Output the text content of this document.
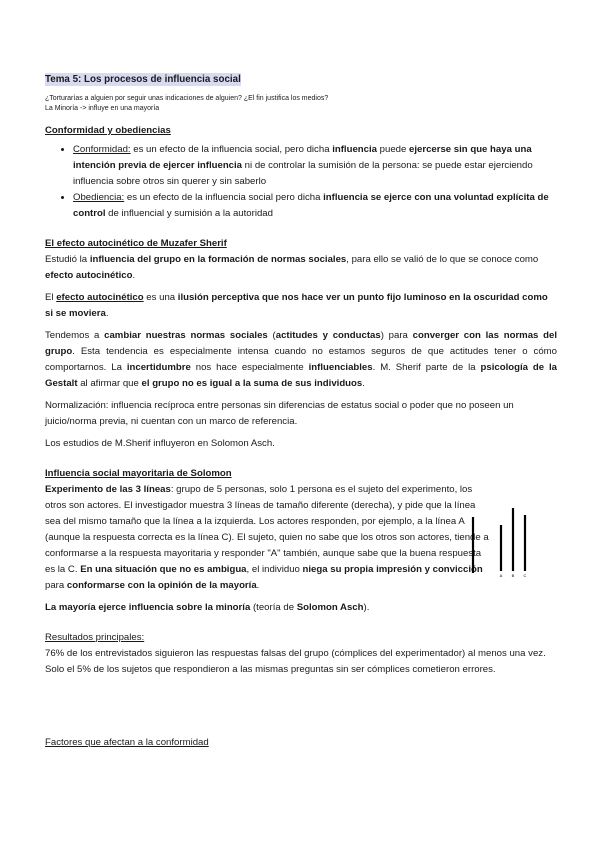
Tema 5: Los procesos de influencia social

¿Torturarías a alguien por seguir unas indicaciones de alguien? ¿El fin justifica los medios?

La Minoría -> influye en una mayoría

Conformidad y obediencias

• Conformidad: es un efecto de la influencia social, pero dicha influencia puede ejercerse sin que haya una intención previa de ejercer influencia ni de controlar la sumisión de la persona: se puede estar ejerciendo influencia sobre otros sin querer y sin saberlo
• Obediencia: es un efecto de la influencia social pero dicha influencia se ejerce con una voluntad explícita de control de influencial y sumisión a la autoridad

El efecto autocinético de Muzafer Sherif

Estudió la influencia del grupo en la formación de normas sociales, para ello se valió de lo que se conoce como efecto autocinético.

El efecto autocinético es una ilusión perceptiva que nos hace ver un punto fijo luminoso en la oscuridad como si se moviera.

Tendemos a cambiar nuestras normas sociales (actitudes y conductas) para converger con las normas del grupo. Esta tendencia es especialmente intensa cuando no estamos seguros de que actitudes tener o cómo comportarnos. La incertidumbre nos hace especialmente influenciables. M. Sherif parte de la psicología de la Gestalt al afirmar que el grupo no es igual a la suma de sus individuos.

Normalización: influencia recíproca entre personas sin diferencias de estatus social o poder que no poseen un juicio/norma previa, ni cuentan con un marco de referencia.

Los estudios de M.Sherif influyeron en Solomon Asch.

Influencia social mayoritaria de Solomon

Experimento de las 3 líneas: grupo de 5 personas, solo 1 persona es el sujeto del experimento, los otros son actores. El investigador muestra 3 líneas de tamaño diferente (derecha), y pide que la línea sea del mismo tamaño que la línea a la izquierda. Los actores responden, por ejemplo, a la línea A (aunque la respuesta correcta es la línea C). El sujeto, quien no sabe que los otros son actores, tiende a conformarse a la respuesta mayoritaria y responder "A" también, aunque sabe que la buena respuesta es la C. En una situación que no es ambigua, el individuo niega su propia impresión y convicción para conformarse con la opinión de la mayoría.

La mayoría ejerce influencia sobre la minoría (teoría de Solomon Asch).

Resultados principales:

76% de los entrevistados siguieron las respuestas falsas del grupo (cómplices del experimentador) al menos una vez.

Solo el 5% de los sujetos que respondieron a las mismas preguntas sin ser cómplices cometieron errores.

Factores que afectan a la conformidad

A B C
